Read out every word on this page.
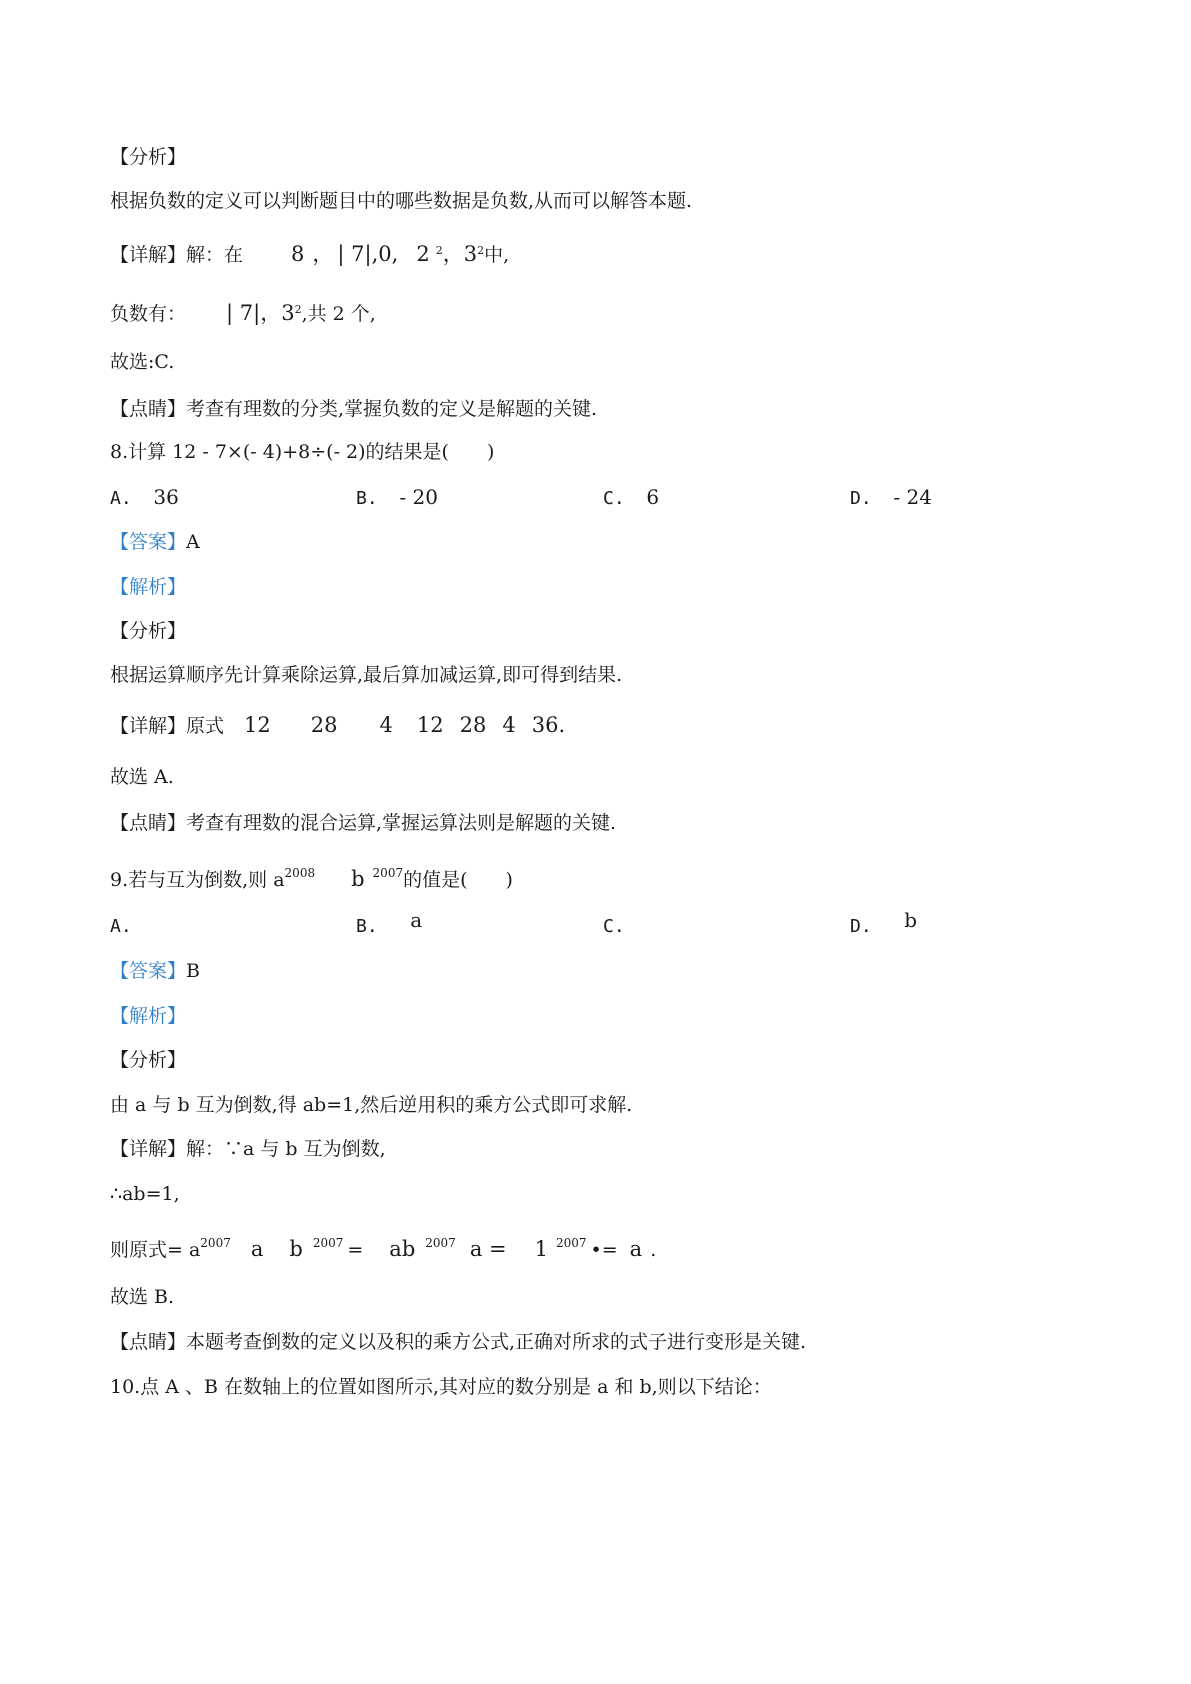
【分析】
根据负数的定义可以判断题目中的哪些数据是负数,从而可以解答本题.
【详解】解：在 8 ， | 7|,0, 2 $^2$，$3^2$中,
负数有： | 7|，$3^2$,共 2 个,
故选:C.
【点睛】考查有理数的分类,掌握负数的定义是解题的关键.
8.计算 12 - 7×(- 4)+8÷(- 2)的结果是(　　)
A. 36	B. - 20	C. 6	D. - 24
【答案】A
【解析】
【分析】
根据运算顺序先计算乘除运算,最后算加减运算,即可得到结果.
【详解】原式 12 28 4 12 28 4 36.
故选 A.
【点睛】考查有理数的混合运算,掌握运算法则是解题的关键.
9.若与互为倒数,则 $a^{2008}$ b $^{2007}$的值是(　　)
A.	B. a	C.	D. b
【答案】B
【解析】
【分析】
由 a 与 b 互为倒数,得 ab=1,然后逆用积的乘方公式即可求解.
【详解】解：∵a 与 b 互为倒数,
∴ab=1,
则原式= $a^{2007}$ a b $^{2007}$ = ab $^{2007}$ a = 1 $^{2007}$ •= a .
故选 B.
【点睛】本题考查倒数的定义以及积的乘方公式,正确对所求的式子进行变形是关键.
10.点 A 、B 在数轴上的位置如图所示,其对应的数分别是 a 和 b,则以下结论：
